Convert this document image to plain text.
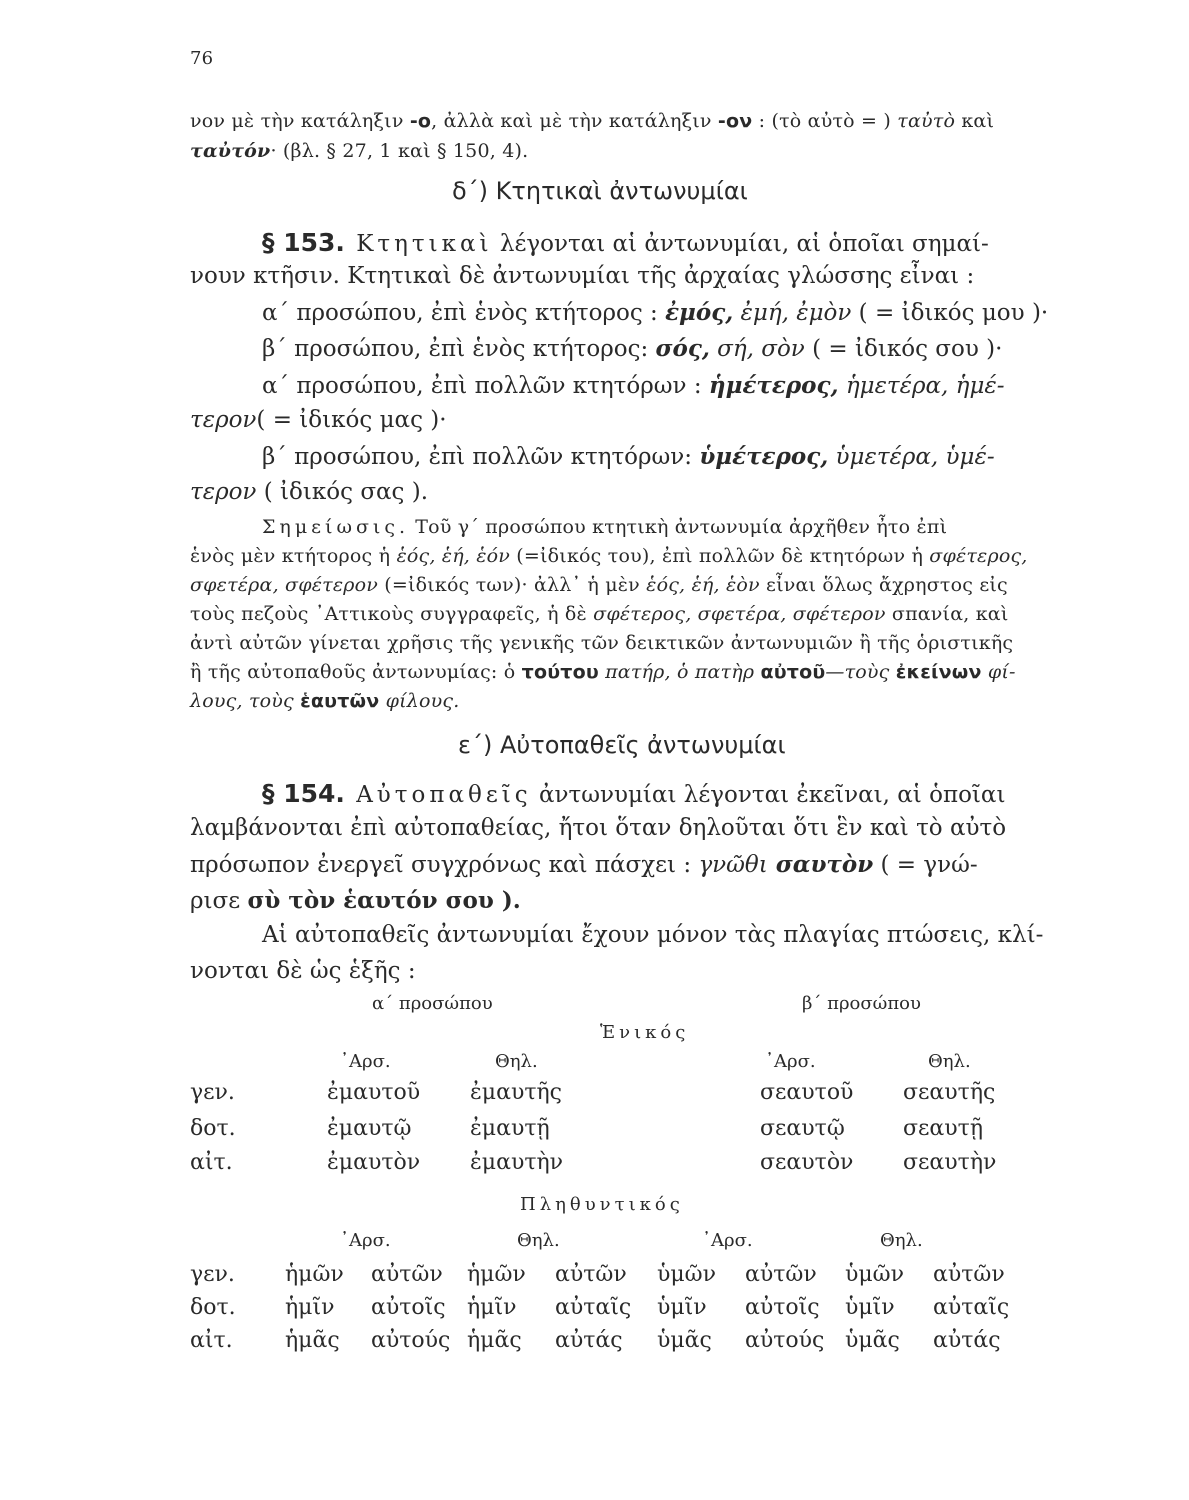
76
νον μὲ τὴν κατάληξιν -ο, ἀλλὰ καὶ μὲ τὴν κατάληξιν -ον : (τὸ αὐτὸ = ) ταὐτὸ καὶ
ταὐτόν· (βλ. § 27, 1 καὶ § 150, 4).
δ΄) Κτητικαὶ ἀντωνυμίαι
§ 153. Κτητικαὶ λέγονται αἱ ἀντωνυμίαι, αἱ ὁποῖαι σημαί-
νουν κτῆσιν. Κτητικαὶ δὲ ἀντωνυμίαι τῆς ἀρχαίας γλώσσης εἶναι :
α΄ προσώπου, ἐπὶ ἑνὸς κτήτορος : ἐμός, ἐμή, ἐμὸν ( = ἰδικός μου )·
β΄ προσώπου, ἐπὶ ἑνὸς κτήτορος: σός, σή, σὸν ( = ἰδικός σου )·
α΄ προσώπου, ἐπὶ πολλῶν κτητόρων : ἡμέτερος, ἡμετέρα, ἡμέ-
τερον( = ἰδικός μας )·
β΄ προσώπου, ἐπὶ πολλῶν κτητόρων: ὑμέτερος, ὑμετέρα, ὑμέ-
τερον ( ἰδικός σας ).
Σημείωσις. Τοῦ γ΄ προσώπου κτητικὴ ἀντωνυμία ἀρχῆθεν ἦτο ἐπὶ
ἑνὸς μὲν κτήτορος ἡ ἑός, ἑή, ἑόν (=ἰδικός του), ἐπὶ πολλῶν δὲ κτητόρων ἡ σφέτερος,
σφετέρα, σφέτερον (=ἰδικός των)· ἀλλ᾿ ἡ μὲν ἑός, ἑή, ἑὸν εἶναι ὅλως ἄχρηστος εἰς
τοὺς πεζοὺς ᾿Αττικοὺς συγγραφεῖς, ἡ δὲ σφέτερος, σφετέρα, σφέτερον σπανία, καὶ
ἀντὶ αὐτῶν γίνεται χρῆσις τῆς γενικῆς τῶν δεικτικῶν ἀντωνυμιῶν ἢ τῆς ὁριστικῆς
ἢ τῆς αὐτοπαθοῦς ἀντωνυμίας: ὁ τούτου πατήρ, ὁ πατὴρ αὐτοῦ—τοὺς ἐκείνων φί-
λους, τοὺς ἑαυτῶν φίλους.
ε΄) Αὐτοπαθεῖς ἀντωνυμίαι
§ 154. Αὐτοπαθεῖς ἀντωνυμίαι λέγονται ἐκεῖναι, αἱ ὁποῖαι
λαμβάνονται ἐπὶ αὐτοπαθείας, ἤτοι ὅταν δηλοῦται ὅτι ἓν καὶ τὸ αὐτὸ
πρόσωπον ἐνεργεῖ συγχρόνως καὶ πάσχει : γνῶθι σαυτὸν ( = γνώ-
ρισε σὺ τὸν ἑαυτόν σου ).
Αἱ αὐτοπαθεῖς ἀντωνυμίαι ἔχουν μόνον τὰς πλαγίας πτώσεις, κλί-
νονται δὲ ὡς ἑξῆς :
α΄ προσώπου	β΄ προσώπου
Ἑνικός
᾿Αρσ.	Θηλ.	᾿Αρσ.	Θηλ.
γεν.	ἐμαυτοῦ ἐμαυτῆς	σεαυτοῦ σεαυτῆς
δοτ.	ἐμαυτῷ	ἐμαυτῇ	σεαυτῷ	σεαυτῇ
αἰτ.	ἐμαυτὸν ἐμαυτὴν	σεαυτὸν σεαυτὴν
Πληθυντικός
᾿Αρσ.	Θηλ.	᾿Αρσ.	Θηλ.
γεν. ἡμῶν αὐτῶν ἡμῶν αὐτῶν ὑμῶν αὐτῶν ὑμῶν αὐτῶν
δοτ. ἡμῖν αὐτοῖς ἡμῖν αὐταῖς ὑμῖν αὐτοῖς ὑμῖν αὐταῖς
αἰτ. ἡμᾶς αὐτούς ἡμᾶς αὐτάς ὑμᾶς αὐτούς ὑμᾶς αὐτάς
